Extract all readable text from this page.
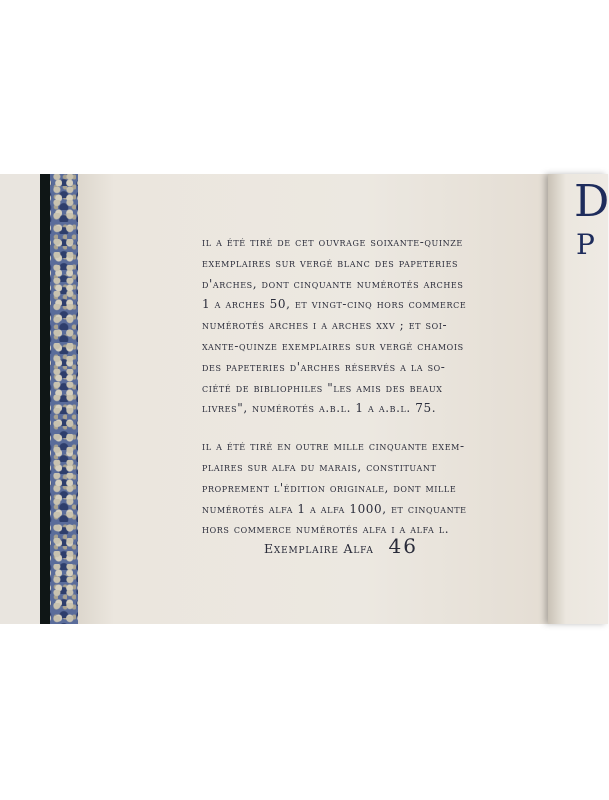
D
P

il a été tiré de cet ouvrage soixante-quinze
exemplaires sur vergé blanc des papeteries
d'arches, dont cinquante numérotés arches
1 a arches 50, et vingt-cinq hors commerce
numérotés arches i a arches xxv ; et soi-
xante-quinze exemplaires sur vergé chamois
des papeteries d'arches réservés a la so-
ciété de bibliophiles "les amis des beaux
livres", numérotés a.b.l. 1 a a.b.l. 75.

il a été tiré en outre mille cinquante exem-
plaires sur alfa du marais, constituant
proprement l'édition originale, dont mille
numérotés alfa 1 a alfa 1000, et cinquante
hors commerce numérotés alfa i a alfa l.

Exemplaire Alfa 46
